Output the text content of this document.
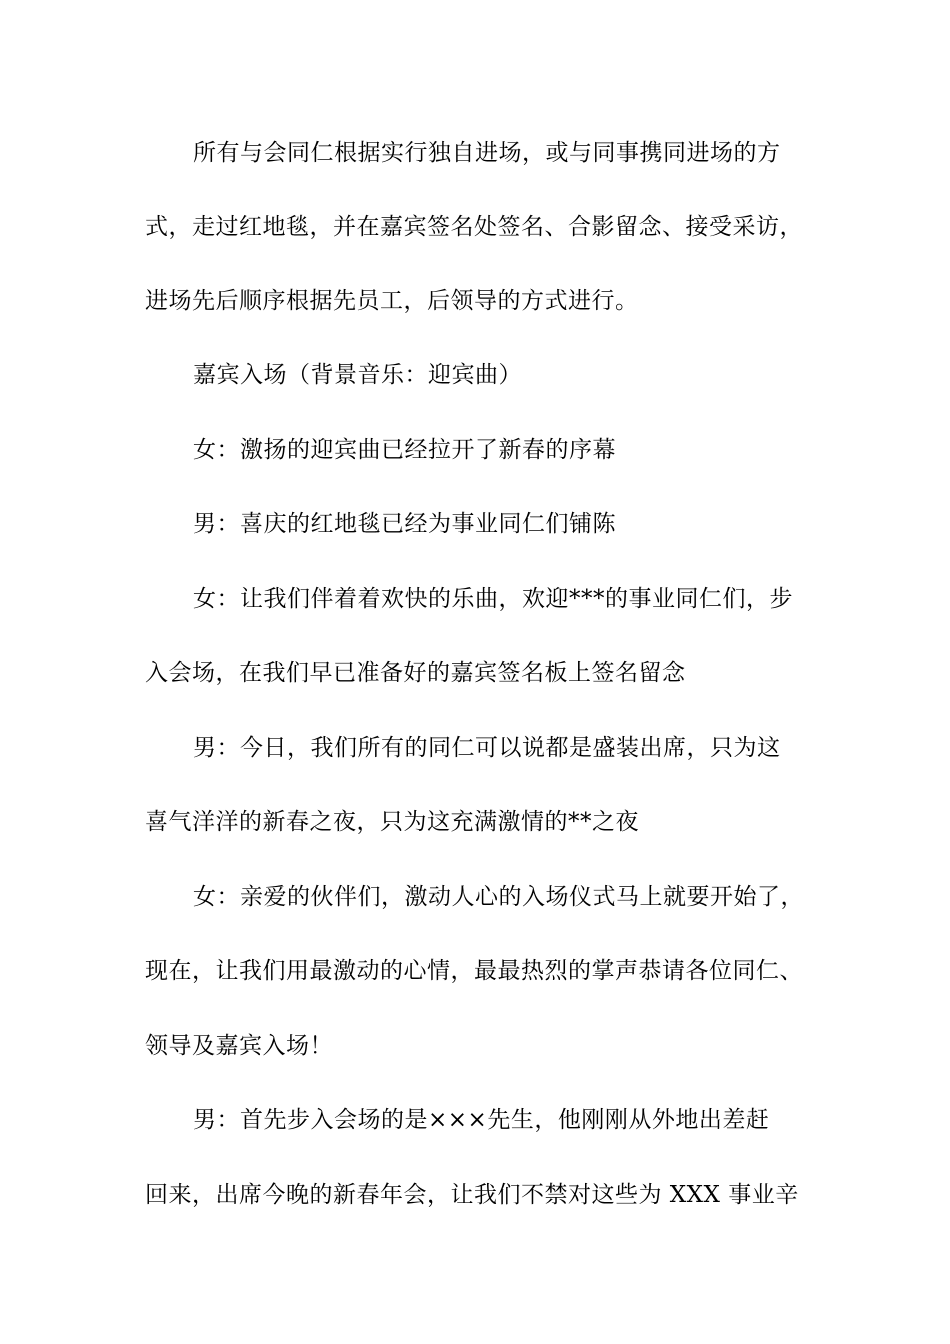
所有与会同仁根据实行独自进场，或与同事携同进场的方
式，走过红地毯，并在嘉宾签名处签名、合影留念、接受采访，
进场先后顺序根据先员工，后领导的方式进行。
嘉宾入场（背景音乐：迎宾曲）
女：激扬的迎宾曲已经拉开了新春的序幕
男：喜庆的红地毯已经为事业同仁们铺陈
女：让我们伴着着欢快的乐曲，欢迎***的事业同仁们，步
入会场，在我们早已准备好的嘉宾签名板上签名留念
男：今日，我们所有的同仁可以说都是盛装出席，只为这
喜气洋洋的新春之夜，只为这充满激情的**之夜
女：亲爱的伙伴们，激动人心的入场仪式马上就要开始了，
现在，让我们用最激动的心情，最最热烈的掌声恭请各位同仁、
领导及嘉宾入场！
男：首先步入会场的是×××先生，他刚刚从外地出差赶
回来，出席今晚的新春年会，让我们不禁对这些为 XXX 事业辛
